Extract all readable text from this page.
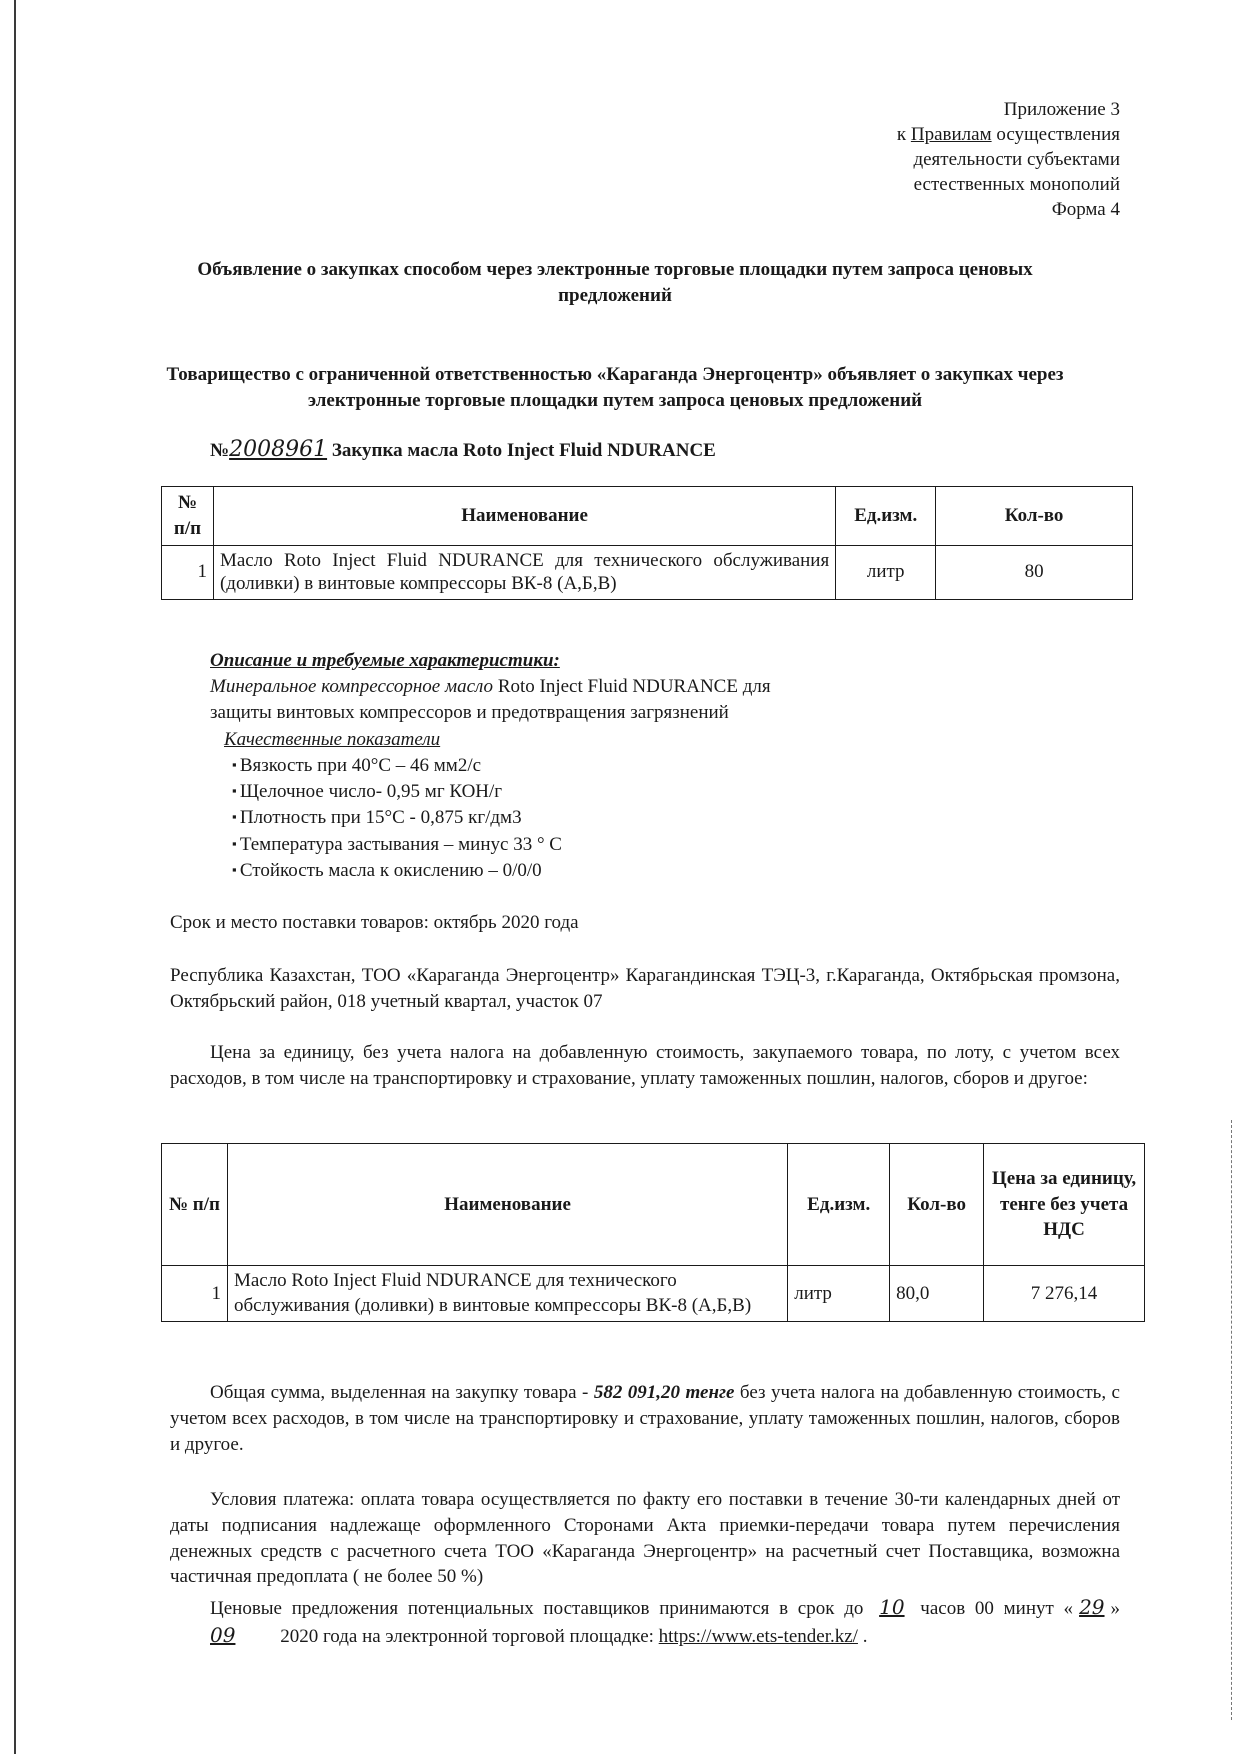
Приложение 3
к Правилам осуществления
деятельности субъектами
естественных монополий
Форма 4
Объявление о закупках способом через электронные торговые площадки путем запроса ценовых предложений
Товарищество с ограниченной ответственностью «Караганда Энергоцентр» объявляет о закупках через электронные торговые площадки путем запроса ценовых предложений
№2008961 Закупка масла Roto Inject Fluid NDURANCE
№ п/п	Наименование	Ед.изм.	Кол-во
1	Масло Roto Inject Fluid NDURANCE для технического обслуживания (доливки) в винтовые компрессоры ВК-8 (А,Б,В)	литр	80
Описание и требуемые характеристики:
Минеральное компрессорное масло Roto Inject Fluid NDURANCE для
защиты винтовых компрессоров и предотвращения загрязнений
Качественные показатели
▪ Вязкость при 40°C – 46 мм2/с
▪ Щелочное число- 0,95 мг КОН/г
▪ Плотность при 15°C - 0,875 кг/дм3
▪ Температура застывания – минус 33 ° С
▪ Стойкость масла к окислению – 0/0/0
Срок и место поставки товаров: октябрь 2020 года
Республика Казахстан, ТОО «Караганда Энергоцентр» Карагандинская ТЭЦ-3, г.Караганда, Октябрьская промзона, Октябрьский район, 018 учетный квартал, участок 07
Цена за единицу, без учета налога на добавленную стоимость, закупаемого товара, по лоту, с учетом всех расходов, в том числе на транспортировку и страхование, уплату таможенных пошлин, налогов, сборов и другое:
№ п/п	Наименование	Ед.изм.	Кол-во	Цена за единицу, тенге без учета НДС
1	Масло Roto Inject Fluid NDURANCE для технического обслуживания (доливки) в винтовые компрессоры ВК-8 (А,Б,В)	литр	80,0	7 276,14
Общая сумма, выделенная на закупку товара - 582 091,20 тенге без учета налога на добавленную стоимость, с учетом всех расходов, в том числе на транспортировку и страхование, уплату таможенных пошлин, налогов, сборов и другое.
Условия платежа: оплата товара осуществляется по факту его поставки в течение 30-ти календарных дней от даты подписания надлежаще оформленного Сторонами Акта приемки-передачи товара путем перечисления денежных средств с расчетного счета ТОО «Караганда Энергоцентр» на расчетный счет Поставщика, возможна частичная предоплата ( не более 50 %)
Ценовые предложения потенциальных поставщиков принимаются в срок до 10 часов 00 минут « 29 » 09 2020 года на электронной торговой площадке: https://www.ets-tender.kz/ .
